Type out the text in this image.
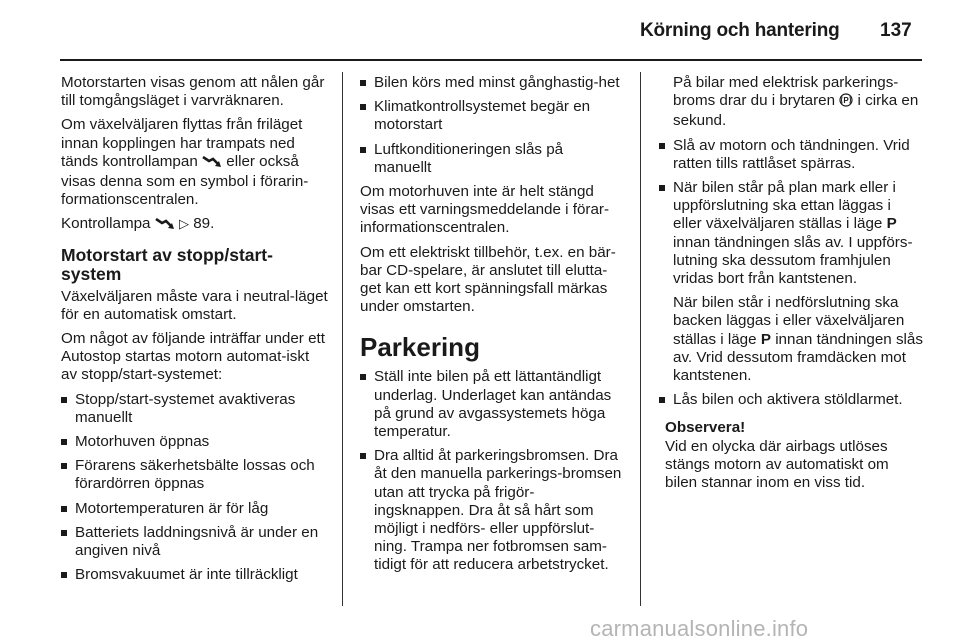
Körning och hantering 137

Motorstarten visas genom att nålen går till tomgångsläget i varvräknaren.

Om växelväljaren flyttas från friläget innan kopplingen har trampats ned tänds kontrollampan eller också visas denna som en symbol i förarin-formationscentralen.

Kontrollampa ▷ 89.

Motorstart av stopp/start-system

Växelväljaren måste vara i neutral-läget för en automatisk omstart.

Om något av följande inträffar under ett Autostop startas motorn automat-iskt av stopp/start-systemet:

Stopp/start-systemet avaktiveras manuellt
Motorhuven öppnas
Förarens säkerhetsbälte lossas och förardörren öppnas
Motortemperaturen är för låg
Batteriets laddningsnivå är under en angiven nivå
Bromsvakuumet är inte tillräckligt
Bilen körs med minst gånghastig-het
Klimatkontrollsystemet begär en motorstart
Luftkonditioneringen slås på manuellt

Om motorhuven inte är helt stängd visas ett varningsmeddelande i förar-informationscentralen.

Om ett elektriskt tillbehör, t.ex. en bär-bar CD-spelare, är anslutet till elutta-get kan ett kort spänningsfall märkas under omstarten.

Parkering
Ställ inte bilen på ett lättantändligt underlag. Underlaget kan antändas på grund av avgassystemets höga temperatur.
Dra alltid åt parkeringsbromsen. Dra åt den manuella parkerings-bromsen utan att trycka på frigör-ingsknappen. Dra åt så hårt som möjligt i nedförs- eller uppförslut-ning. Trampa ner fotbromsen sam-tidigt för att reducera arbetstrycket.

På bilar med elektrisk parkerings-broms drar du i brytaren P i cirka en sekund.

Slå av motorn och tändningen. Vrid ratten tills rattlåset spärras.
När bilen står på plan mark eller i uppförslutning ska ettan läggas i eller växelväljaren ställas i läge P innan tändningen slås av. I uppförs-lutning ska dessutom framhjulen vridas bort från kantstenen.

När bilen står i nedförslutning ska backen läggas i eller växelväljaren ställas i läge P innan tändningen slås av. Vrid dessutom framdäcken mot kantstenen.

Lås bilen och aktivera stöldlarmet.
Observera!
Vid en olycka där airbags utlöses stängs motorn av automatiskt om bilen stannar inom en viss tid.
carmanualsonline.info
